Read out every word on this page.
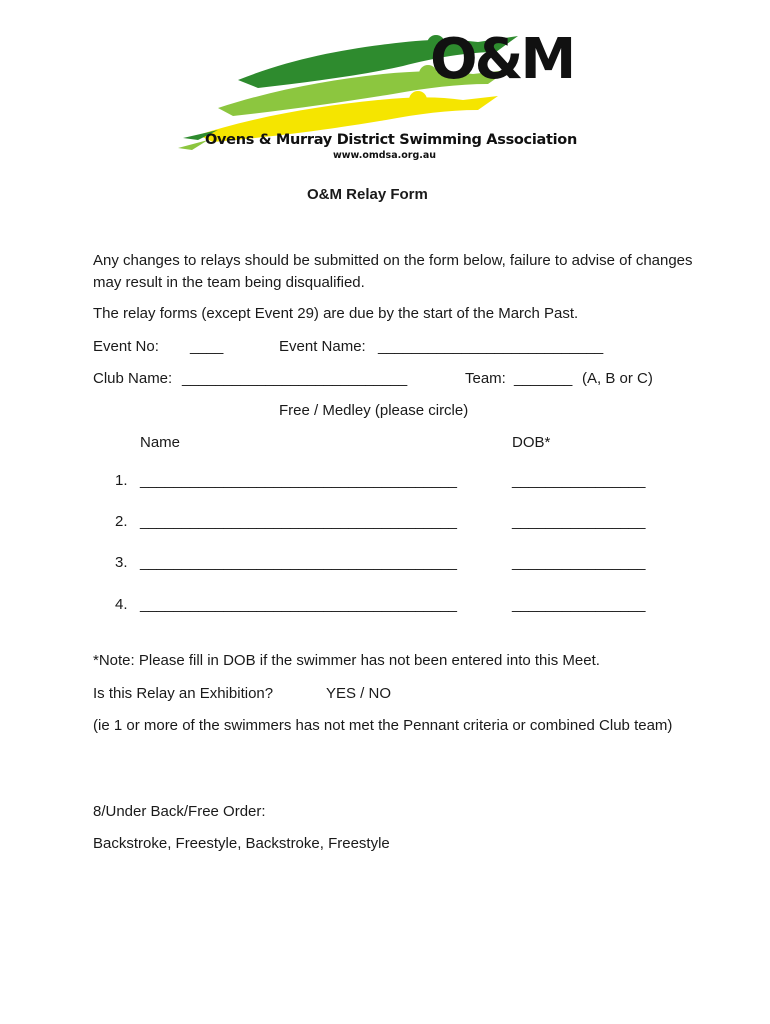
O&M
Ovens & Murray District Swimming Association
www.omdsa.org.au
O&M Relay Form
Any changes to relays should be submitted on the form below, failure to advise of changes may result in the team being disqualified.
The relay forms (except Event 29) are due by the start of the March Past.
Event No: ____	Event Name: ___________________________
Club Name: ___________________________	Team: _______ (A, B or C)
Free / Medley (please circle)
Name	DOB*
1. ______________________________________	________________
2. ______________________________________	________________
3. ______________________________________	________________
4. ______________________________________	________________
*Note: Please fill in DOB if the swimmer has not been entered into this Meet.
Is this Relay an Exhibition?	YES / NO
(ie 1 or more of the swimmers has not met the Pennant criteria or combined Club team)
8/Under Back/Free Order:
Backstroke, Freestyle, Backstroke, Freestyle
